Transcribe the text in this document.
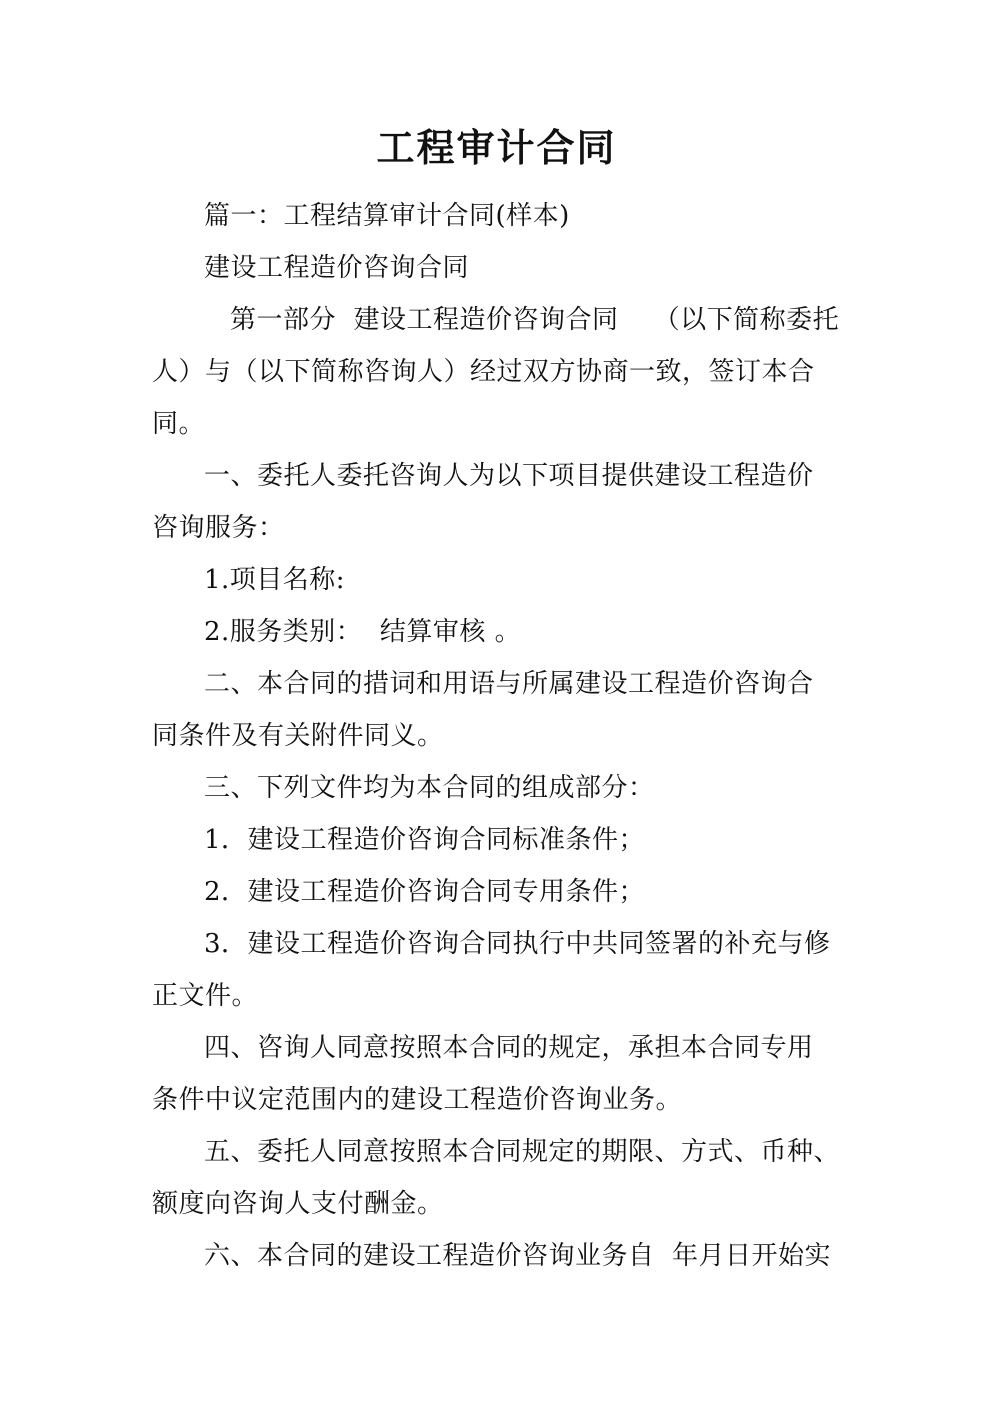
工程审计合同

篇一：工程结算审计合同(样本)

建设工程造价咨询合同

第一部分  建设工程造价咨询合同    （以下简称委托

人）与（以下简称咨询人）经过双方协商一致，签订本合

同。

一、委托人委托咨询人为以下项目提供建设工程造价

咨询服务：

1.项目名称:

2.服务类别：  结算审核 。

二、本合同的措词和用语与所属建设工程造价咨询合

同条件及有关附件同义。

三、下列文件均为本合同的组成部分：

1．建设工程造价咨询合同标准条件；

2．建设工程造价咨询合同专用条件；

3．建设工程造价咨询合同执行中共同签署的补充与修

正文件。

四、咨询人同意按照本合同的规定，承担本合同专用

条件中议定范围内的建设工程造价咨询业务。

五、委托人同意按照本合同规定的期限、方式、币种、

额度向咨询人支付酬金。

六、本合同的建设工程造价咨询业务自  年月日开始实
